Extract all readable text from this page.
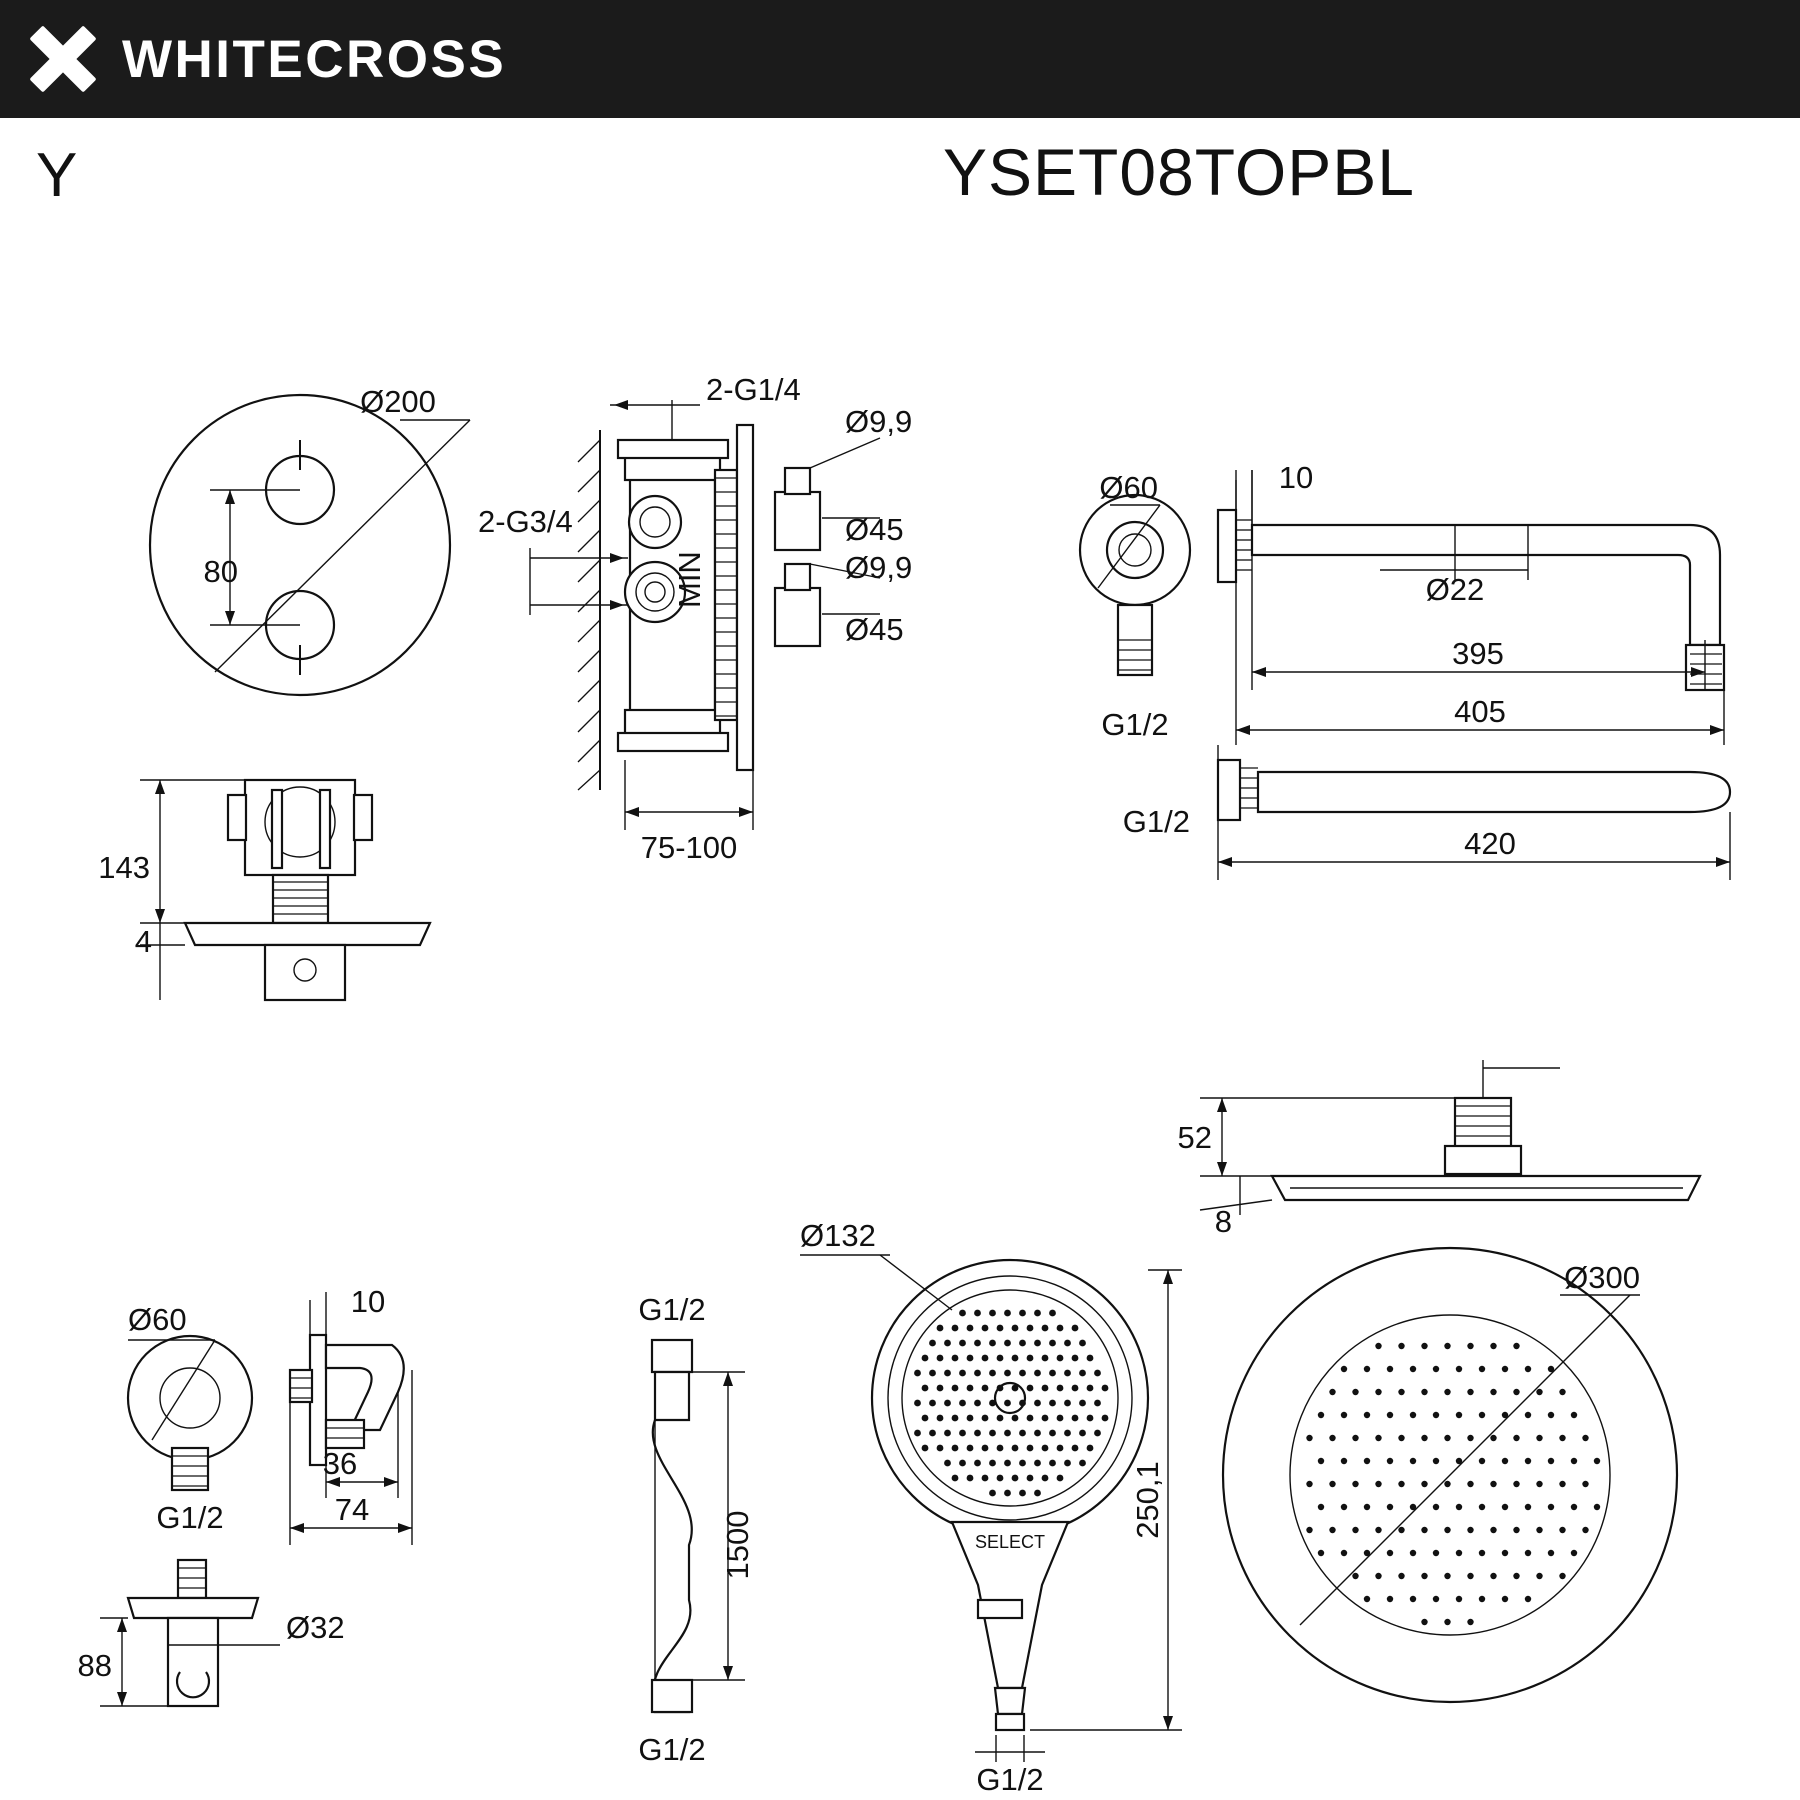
WHITECROSS
Y	YSET08TOPBL
Ø200
80
143
4
MIN
2-G1/4
Ø9,9
Ø45
Ø9,9
Ø45
2-G3/4
75-100
Ø60
G1/2
10
Ø22
395
405
G1/2
420
52
8
Ø300
Ø60
G1/2
10
36
74
88
Ø32
G1/2
G1/2
1500	SELECT
Ø132
250,1
G1/2
